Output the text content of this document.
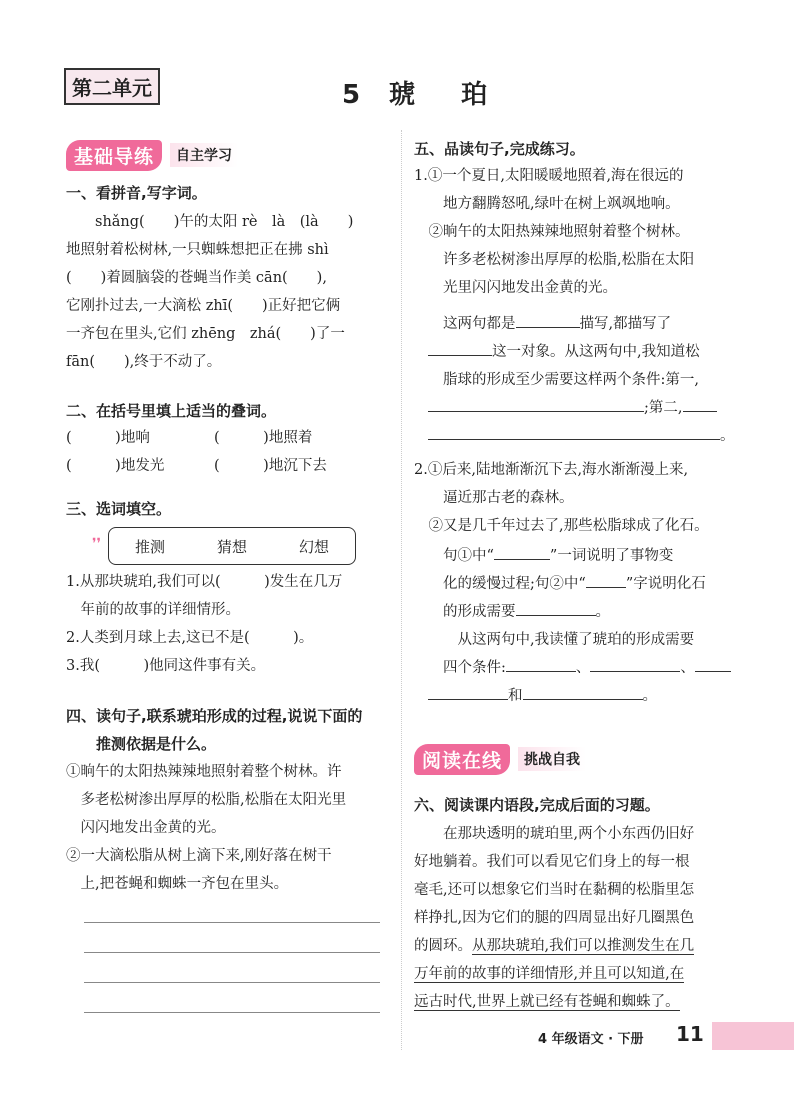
第二单元	5 琥　珀
基础导练	自主学习
一、看拼音,写字词。
　　shǎng(　　)午的太阳 rè　là　(là　　)
地照射着松树林,一只蜘蛛想把正在拂 shì
(　　)着圆脑袋的苍蝇当作美 cān(　　),
它刚扑过去,一大滴松 zhī(　　)正好把它俩
一齐包在里头,它们 zhēng　zhá(　　)了一
fān(　　),终于不动了。
二、在括号里填上适当的叠词。
(　　　)地响	(　　　)地照着
(　　　)地发光	(　　　)地沉下去
三、选词填空。
推测	猜想	幻想
❜❜
1.从那块琥珀,我们可以(　　　)发生在几万
　年前的故事的详细情形。
2.人类到月球上去,这已不是(　　　)。
3.我(　　　)他同这件事有关。
四、读句子,联系琥珀形成的过程,说说下面的
　　推测依据是什么。
①晌午的太阳热辣辣地照射着整个树林。许
　多老松树渗出厚厚的松脂,松脂在太阳光里
　闪闪地发出金黄的光。
②一大滴松脂从树上滴下来,刚好落在树干
　上,把苍蝇和蜘蛛一齐包在里头。
五、品读句子,完成练习。
1.①一个夏日,太阳暖暖地照着,海在很远的
　　地方翻腾怒吼,绿叶在树上飒飒地响。
　②晌午的太阳热辣辣地照射着整个树林。
　　许多老松树渗出厚厚的松脂,松脂在太阳
　　光里闪闪地发出金黄的光。
　　这两句都是	描写,都描写了
这一对象。从这两句中,我知道松
　　脂球的形成至少需要这样两个条件:第一,
;第二,
。
2.①后来,陆地渐渐沉下去,海水渐渐漫上来,
　　逼近那古老的森林。
　②又是几千年过去了,那些松脂球成了化石。
　　句①中“	”一词说明了事物变
　　化的缓慢过程;句②中“	”字说明化石
　　的形成需要	。
　　　从这两句中,我读懂了琥珀的形成需要
　　四个条件:	、	、
和	。
阅读在线	挑战自我
六、阅读课内语段,完成后面的习题。
　　在那块透明的琥珀里,两个小东西仍旧好
好地躺着。我们可以看见它们身上的每一根
毫毛,还可以想象它们当时在黏稠的松脂里怎
样挣扎,因为它们的腿的四周显出好几圈黑色
的圆环。从那块琥珀,我们可以推测发生在几
万年前的故事的详细情形,并且可以知道,在
远古时代,世界上就已经有苍蝇和蜘蛛了。
4 年级语文 · 下册 11
